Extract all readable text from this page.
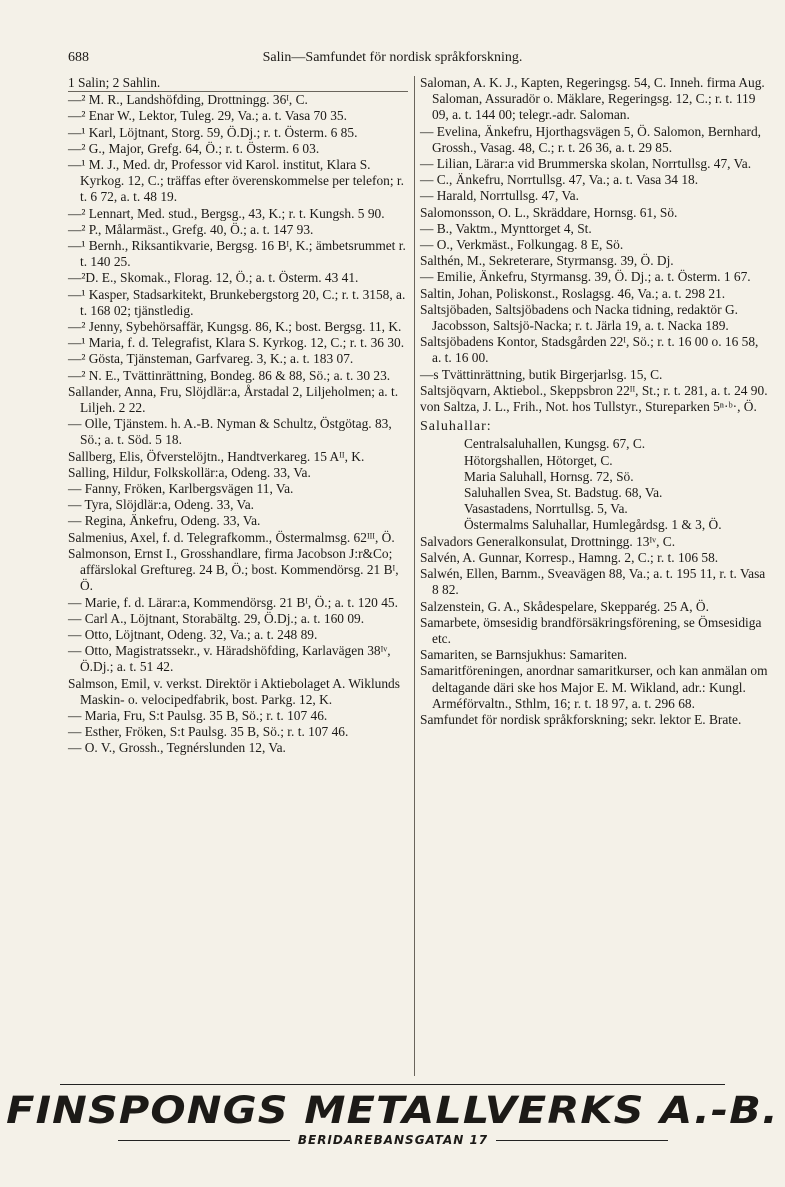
688	Salin—Samfundet för nordisk språkforskning.

1 Salin; 2 Sahlin.

—² M. R., Landshöfding, Drottningg. 36ᴵ, C.

—² Enar W., Lektor, Tuleg. 29, Va.; a. t. Vasa 70 35.

—¹ Karl, Löjtnant, Storg. 59, Ö.Dj.; r. t. Österm. 6 85.

—² G., Major, Grefg. 64, Ö.; r. t. Österm. 6 03.

—¹ M. J., Med. dr, Professor vid Karol. institut, Klara S. Kyrkog. 12, C.; träffas efter överenskommelse per telefon; r. t. 6 72, a. t. 48 19.

—² Lennart, Med. stud., Bergsg., 43, K.; r. t. Kungsh. 5 90.

—² P., Målarmäst., Grefg. 40, Ö.; a. t. 147 93.

—¹ Bernh., Riksantikvarie, Bergsg. 16 Bᴵ, K.; ämbetsrummet r. t. 140 25.

—²D. E., Skomak., Florag. 12, Ö.; a. t. Österm. 43 41.

—¹ Kasper, Stadsarkitekt, Brunkebergstorg 20, C.; r. t. 3158, a. t. 168 02; tjänstledig.

—² Jenny, Sybehörsaffär, Kungsg. 86, K.; bost. Bergsg. 11, K.

—¹ Maria, f. d. Telegrafist, Klara S. Kyrkog. 12, C.; r. t. 36 30.

—² Gösta, Tjänsteman, Garfvareg. 3, K.; a. t. 183 07.

—² N. E., Tvättinrättning, Bondeg. 86 & 88, Sö.; a. t. 30 23.

Sallander, Anna, Fru, Slöjdlär:a, Årstadal 2, Liljeholmen; a. t. Liljeh. 2 22.

— Olle, Tjänstem. h. A.-B. Nyman & Schultz, Östgötag. 83, Sö.; a. t. Söd. 5 18.

Sallberg, Elis, Öfverstelöjtn., Handtverkareg. 15 Aᴵᴵ, K.

Salling, Hildur, Folkskollär:a, Odeng. 33, Va.

— Fanny, Fröken, Karlbergsvägen 11, Va.

— Tyra, Slöjdlär:a, Odeng. 33, Va.

— Regina, Änkefru, Odeng. 33, Va.

Salmenius, Axel, f. d. Telegrafkomm., Östermalmsg. 62ᴵᴵᴵ, Ö.

Salmonson, Ernst I., Grosshandlare, firma Jacobson J:r&Co; affärslokal Greftureg. 24 B, Ö.; bost. Kommendörsg. 21 Bᴵ, Ö.

— Marie, f. d. Lärar:a, Kommendörsg. 21 Bᴵ, Ö.; a. t. 120 45.

— Carl A., Löjtnant, Storabältg. 29, Ö.Dj.; a. t. 160 09.

— Otto, Löjtnant, Odeng. 32, Va.; a. t. 248 89.

— Otto, Magistratssekr., v. Häradshöfding, Karlavägen 38ᴵᵛ, Ö.Dj.; a. t. 51 42.

Salmson, Emil, v. verkst. Direktör i Aktiebolaget A. Wiklunds Maskin- o. velocipedfabrik, bost. Parkg. 12, K.

— Maria, Fru, S:t Paulsg. 35 B, Sö.; r. t. 107 46.

— Esther, Fröken, S:t Paulsg. 35 B, Sö.; r. t. 107 46.

— O. V., Grossh., Tegnérslunden 12, Va.

Saloman, A. K. J., Kapten, Regeringsg. 54, C. Inneh. firma Aug. Saloman, Assuradör o. Mäklare, Regeringsg. 12, C.; r. t. 119 09, a. t. 144 00; telegr.-adr. Saloman.

— Evelina, Änkefru, Hjorthagsvägen 5, Ö. Salomon, Bernhard, Grossh., Vasag. 48, C.; r. t. 26 36, a. t. 29 85.

— Lilian, Lärar:a vid Brummerska skolan, Norrtullsg. 47, Va.

— C., Änkefru, Norrtullsg. 47, Va.; a. t. Vasa 34 18.

— Harald, Norrtullsg. 47, Va.

Salomonsson, O. L., Skräddare, Hornsg. 61, Sö.

— B., Vaktm., Mynttorget 4, St.

— O., Verkmäst., Folkungag. 8 E, Sö.

Salthén, M., Sekreterare, Styrmansg. 39, Ö. Dj.

— Emilie, Änkefru, Styrmansg. 39, Ö. Dj.; a. t. Österm. 1 67.

Saltin, Johan, Poliskonst., Roslagsg. 46, Va.; a. t. 298 21.

Saltsjöbaden, Saltsjöbadens och Nacka tidning, redaktör G. Jacobsson, Saltsjö-Nacka; r. t. Järla 19, a. t. Nacka 189.

Saltsjöbadens Kontor, Stadsgården 22ᴵ, Sö.; r. t. 16 00 o. 16 58, a. t. 16 00.

—s Tvättinrättning, butik Birgerjarlsg. 15, C.

Saltsjöqvarn, Aktiebol., Skeppsbron 22ᴵᴵ, St.; r. t. 281, a. t. 24 90.

von Saltza, J. L., Frih., Not. hos Tullstyr., Stureparken 5ⁿ·ᵇ·, Ö.

Saluhallar:

Centralsaluhallen, Kungsg. 67, C.

Hötorgshallen, Hötorget, C.

Maria Saluhall, Hornsg. 72, Sö.

Saluhallen Svea, St. Badstug. 68, Va.

Vasastadens, Norrtullsg. 5, Va.

Östermalms Saluhallar, Humlegårdsg. 1 & 3, Ö.

Salvadors Generalkonsulat, Drottningg. 13ᴵᵛ, C.

Salvén, A. Gunnar, Korresp., Hamng. 2, C.; r. t. 106 58.

Salwén, Ellen, Barnm., Sveavägen 88, Va.; a. t. 195 11, r. t. Vasa 8 82.

Salzenstein, G. A., Skådespelare, Skepparég. 25 A, Ö.

Samarbete, ömsesidig brandförsäkringsförening, se Ömsesidiga etc.

Samariten, se Barnsjukhus: Samariten.

Samaritföreningen, anordnar samaritkurser, och kan anmälan om deltagande däri ske hos Major E. M. Wikland, adr.: Kungl. Arméförvaltn., Sthlm, 16; r. t. 18 97, a. t. 296 68.

Samfundet för nordisk språkforskning; sekr. lektor E. Brate.

FINSPONGS METALLVERKS A.-B.
BERIDAREBANSGATAN 17
